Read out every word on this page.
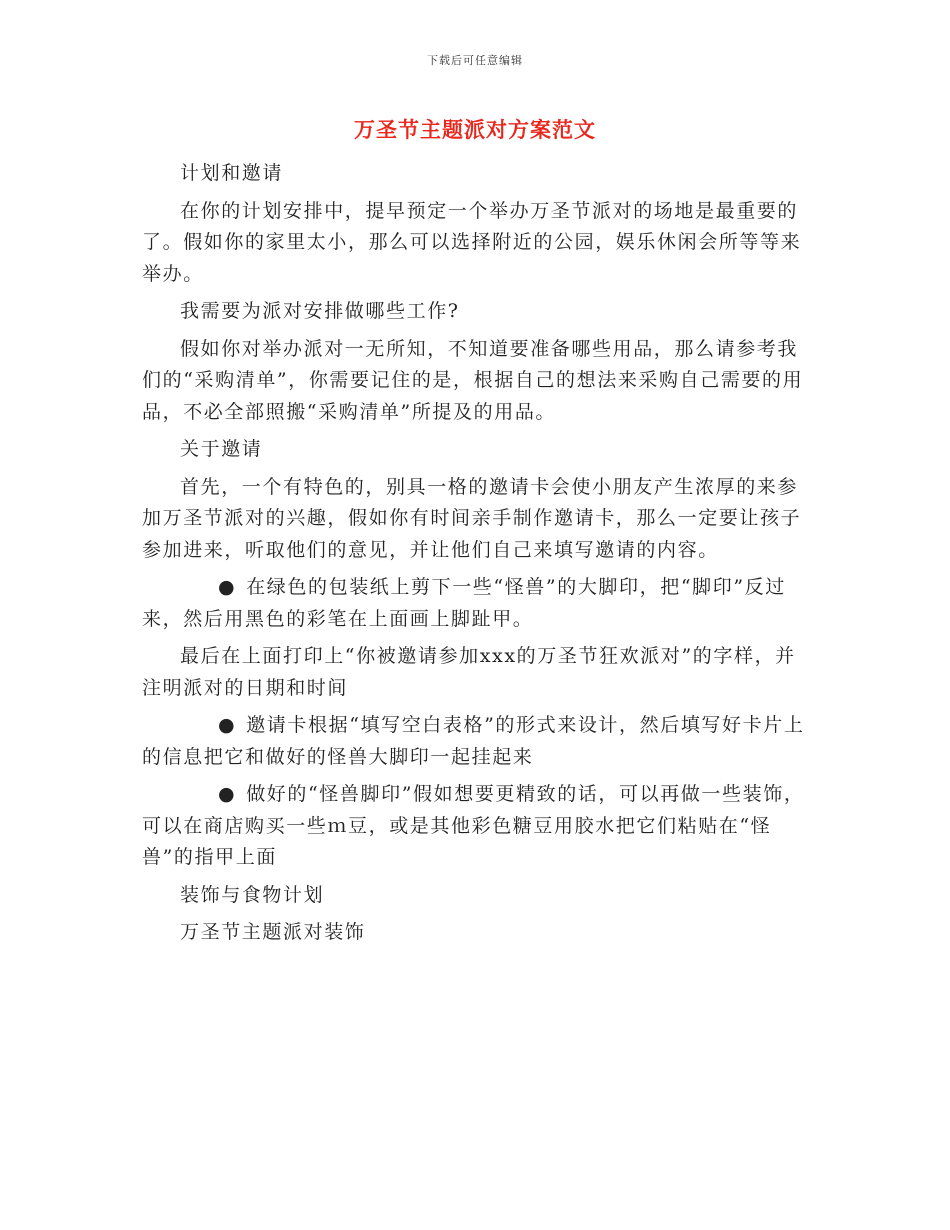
下载后可任意编辑
万圣节主题派对方案范文

计划和邀请

在你的计划安排中，提早预定一个举办万圣节派对的场地是最重要的了。假如你的家里太小，那么可以选择附近的公园，娱乐休闲会所等等来举办。

我需要为派对安排做哪些工作?

假如你对举办派对一无所知，不知道要准备哪些用品，那么请参考我们的“采购清单”，你需要记住的是，根据自己的想法来采购自己需要的用品，不必全部照搬“采购清单”所提及的用品。

关于邀请

首先，一个有特色的，别具一格的邀请卡会使小朋友产生浓厚的来参加万圣节派对的兴趣，假如你有时间亲手制作邀请卡，那么一定要让孩子参加进来，听取他们的意见，并让他们自己来填写邀请的内容。

● 在绿色的包装纸上剪下一些“怪兽”的大脚印，把“脚印”反过来，然后用黑色的彩笔在上面画上脚趾甲。

最后在上面打印上“你被邀请参加xxx的万圣节狂欢派对”的字样，并注明派对的日期和时间

● 邀请卡根据“填写空白表格”的形式来设计，然后填写好卡片上的信息把它和做好的怪兽大脚印一起挂起来

● 做好的“怪兽脚印”假如想要更精致的话，可以再做一些装饰，可以在商店购买一些ｍ豆，或是其他彩色糖豆用胶水把它们粘贴在“怪兽”的指甲上面

装饰与食物计划

万圣节主题派对装饰
